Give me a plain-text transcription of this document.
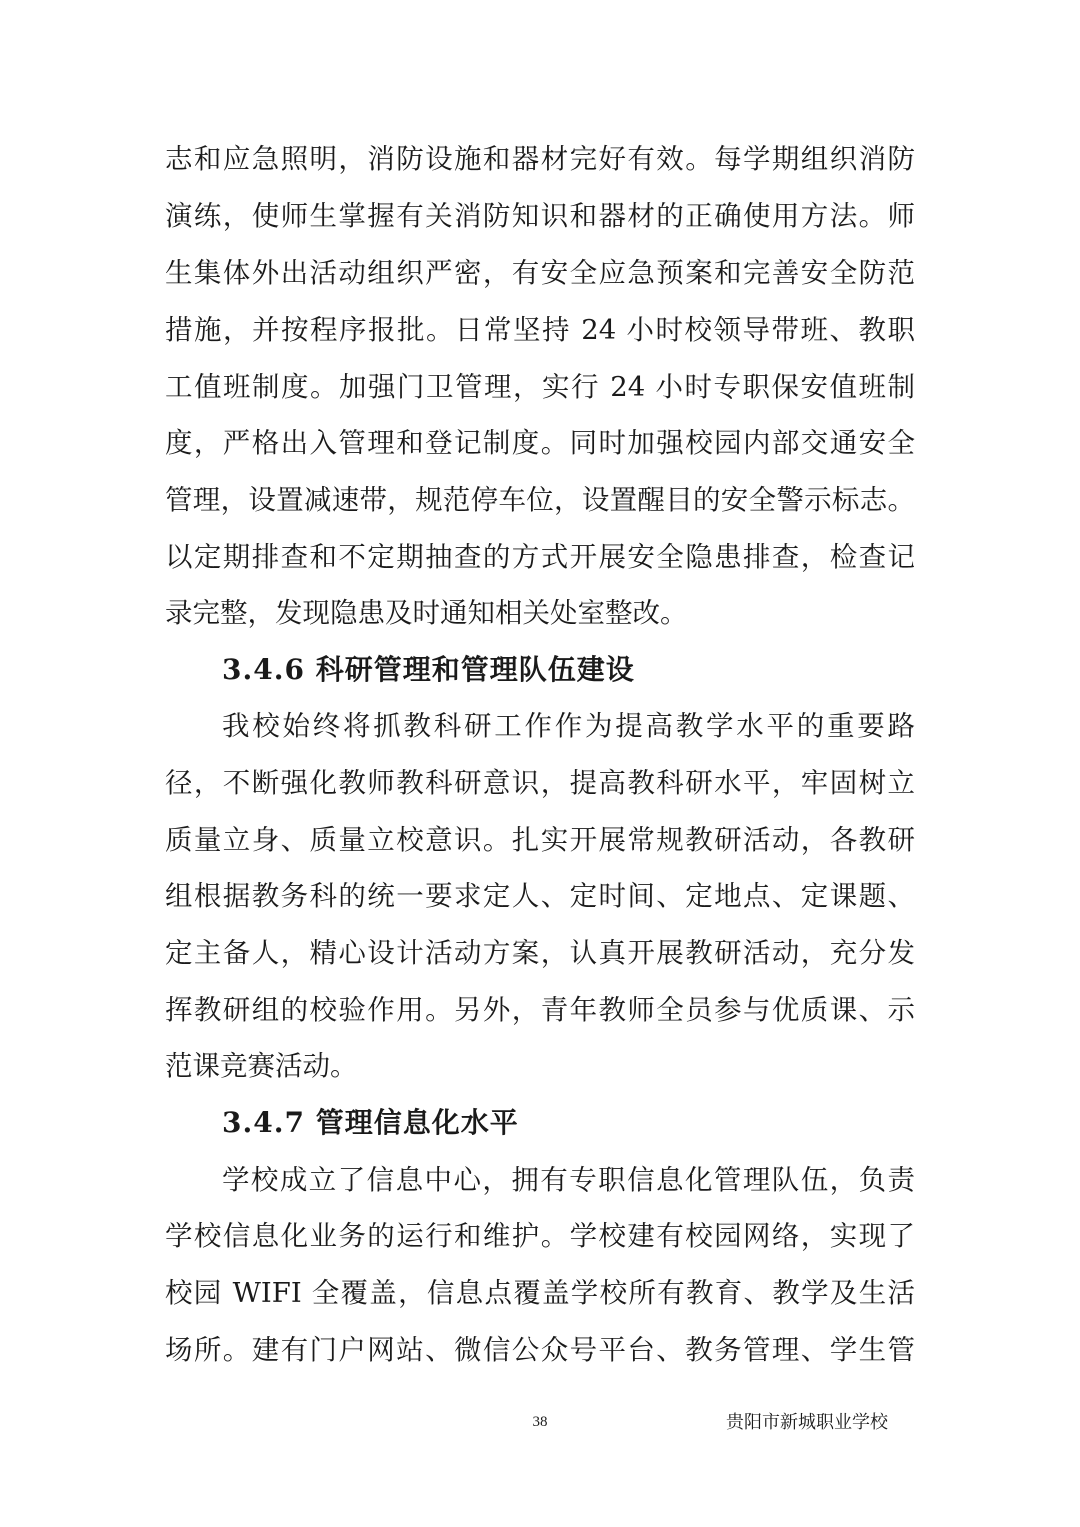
志和应急照明，消防设施和器材完好有效。每学期组织消防
演练，使师生掌握有关消防知识和器材的正确使用方法。师
生集体外出活动组织严密，有安全应急预案和完善安全防范
措施，并按程序报批。日常坚持 24 小时校领导带班、教职
工值班制度。加强门卫管理，实行 24 小时专职保安值班制
度，严格出入管理和登记制度。同时加强校园内部交通安全
管理，设置减速带，规范停车位，设置醒目的安全警示标志。
以定期排查和不定期抽查的方式开展安全隐患排查，检查记
录完整，发现隐患及时通知相关处室整改。
3.4.6 科研管理和管理队伍建设
我校始终将抓教科研工作作为提高教学水平的重要路
径，不断强化教师教科研意识，提高教科研水平，牢固树立
质量立身、质量立校意识。扎实开展常规教研活动，各教研
组根据教务科的统一要求定人、定时间、定地点、定课题、
定主备人，精心设计活动方案，认真开展教研活动，充分发
挥教研组的校验作用。另外，青年教师全员参与优质课、示
范课竞赛活动。
3.4.7 管理信息化水平
学校成立了信息中心，拥有专职信息化管理队伍，负责
学校信息化业务的运行和维护。学校建有校园网络，实现了
校园 WIFI 全覆盖，信息点覆盖学校所有教育、教学及生活
场所。建有门户网站、微信公众号平台、教务管理、学生管
38	贵阳市新城职业学校
